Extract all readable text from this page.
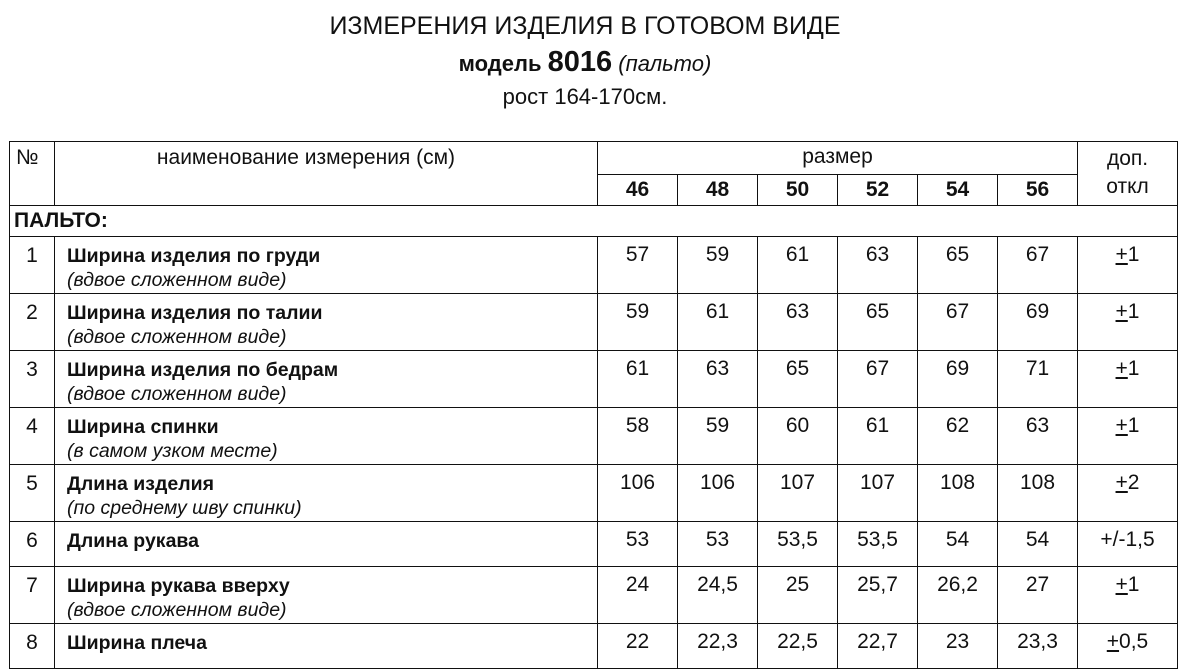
ИЗМЕРЕНИЯ ИЗДЕЛИЯ В ГОТОВОМ ВИДЕ
модель 8016 (пальто)
рост 164-170см.
№	наименование измерения (см)	размер						доп.
откл
		46	48	50	52	54	56	
ПАЛЬТО:								
1	Ширина изделия по груди
(вдвое сложенном виде)	57	59	61	63	65	67	+1
2	Ширина изделия по талии
(вдвое сложенном виде)	59	61	63	65	67	69	+1
3	Ширина изделия по бедрам
(вдвое сложенном виде)	61	63	65	67	69	71	+1
4	Ширина спинки
(в самом узком месте)	58	59	60	61	62	63	+1
5	Длина изделия
(по среднему шву спинки)	106	106	107	107	108	108	+2
6	Длина рукава	53	53	53,5	53,5	54	54	+/-1,5
7	Ширина рукава вверху
(вдвое сложенном виде)	24	24,5	25	25,7	26,2	27	+1
8	Ширина плеча	22	22,3	22,5	22,7	23	23,3	+0,5
